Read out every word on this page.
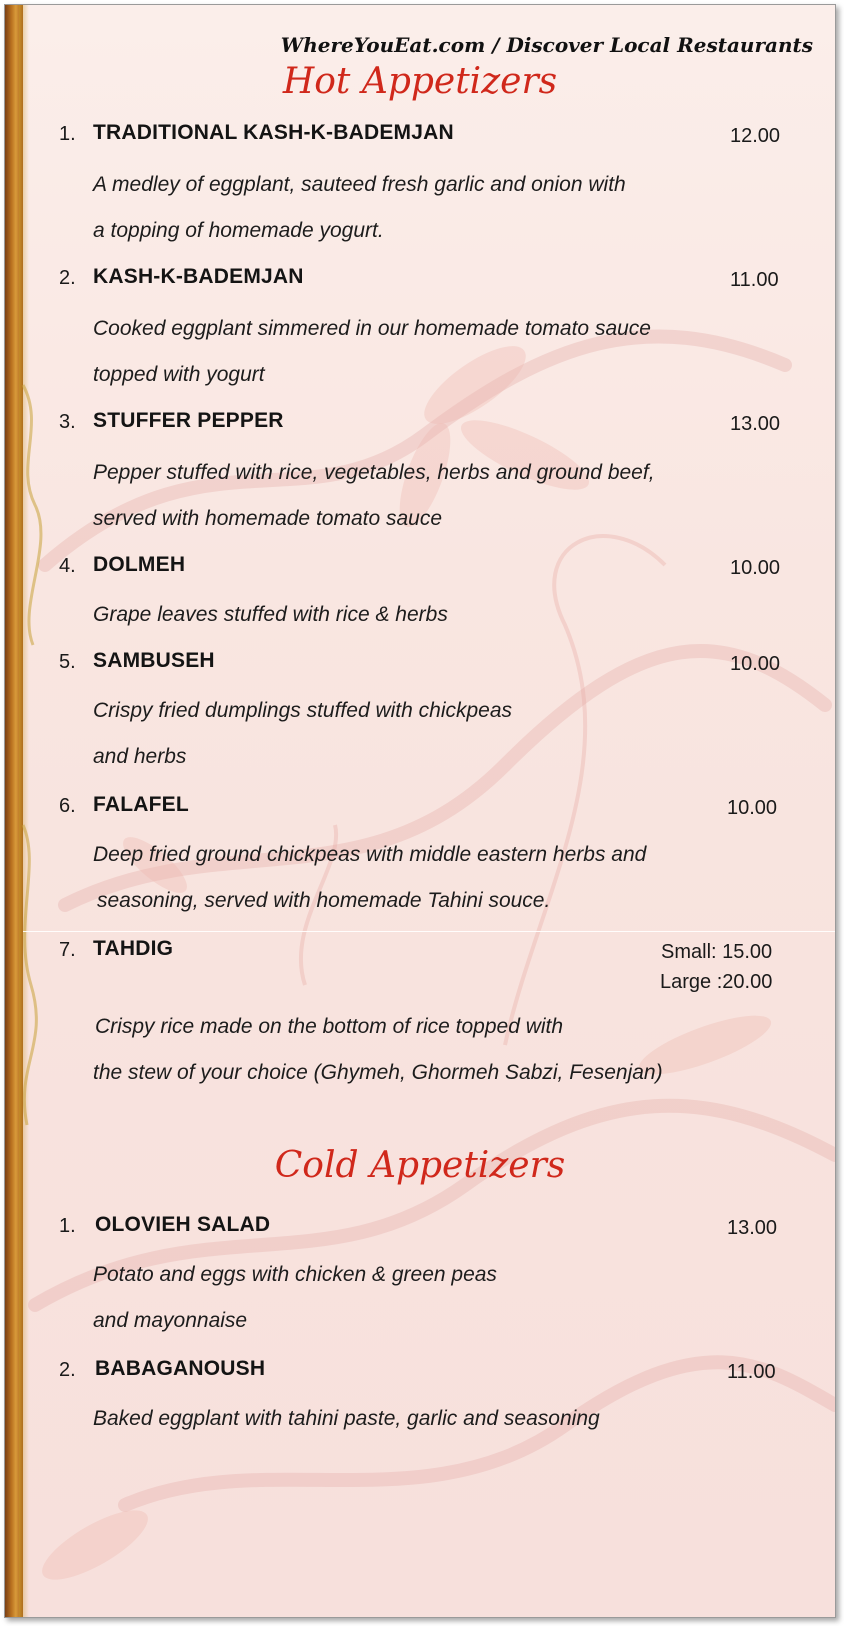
WhereYouEat.com / Discover Local Restaurants
Hot Appetizers
1. TRADITIONAL KASH-K-BADEMJAN	12.00
A medley of eggplant, sauteed fresh garlic and onion with
a topping of homemade yogurt.
2. KASH-K-BADEMJAN	11.00
Cooked eggplant simmered in our homemade tomato sauce
topped with yogurt
3. STUFFER PEPPER	13.00
Pepper stuffed with rice, vegetables, herbs and ground beef,
served with homemade tomato sauce
4. DOLMEH	10.00
Grape leaves stuffed with rice & herbs
5. SAMBUSEH	10.00
Crispy fried dumplings stuffed with chickpeas
and herbs
6. FALAFEL	10.00
Deep fried ground chickpeas with middle eastern herbs and
seasoning, served with homemade Tahini souce.
7. TAHDIG	Small: 15.00
Large :20.00
Crispy rice made on the bottom of rice topped with
the stew of your choice (Ghymeh, Ghormeh Sabzi, Fesenjan)
Cold Appetizers
1. OLOVIEH SALAD	13.00
Potato and eggs with chicken & green peas
and mayonnaise
2. BABAGANOUSH	11.00
Baked eggplant with tahini paste, garlic and seasoning
